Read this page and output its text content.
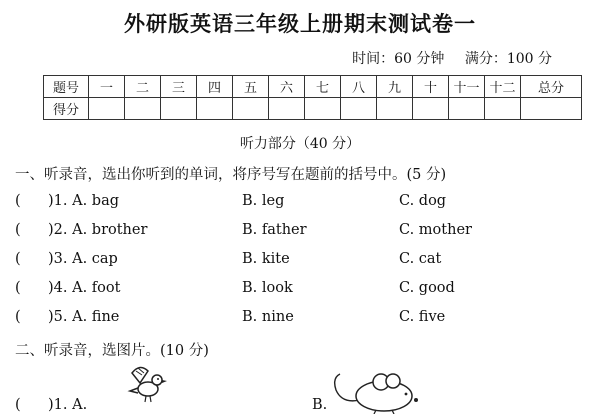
外研版英语三年级上册期末测试卷一
时间：60 分钟 满分：100 分
题号	一	二	三	四	五	六	七	八	九	十	十一	十二	总分
得分													
听力部分（40 分）
一、听录音，选出你听到的单词，将序号写在题前的括号中。(5 分)
( )1. A. bag	B. leg	C. dog
( )2. A. brother	B. father	C. mother
( )3. A. cap	B. kite	C. cat
( )4. A. foot	B. look	C. good
( )5. A. fine	B. nine	C. five
二、听录音，选图片。(10 分)
( )1. A.	B.
